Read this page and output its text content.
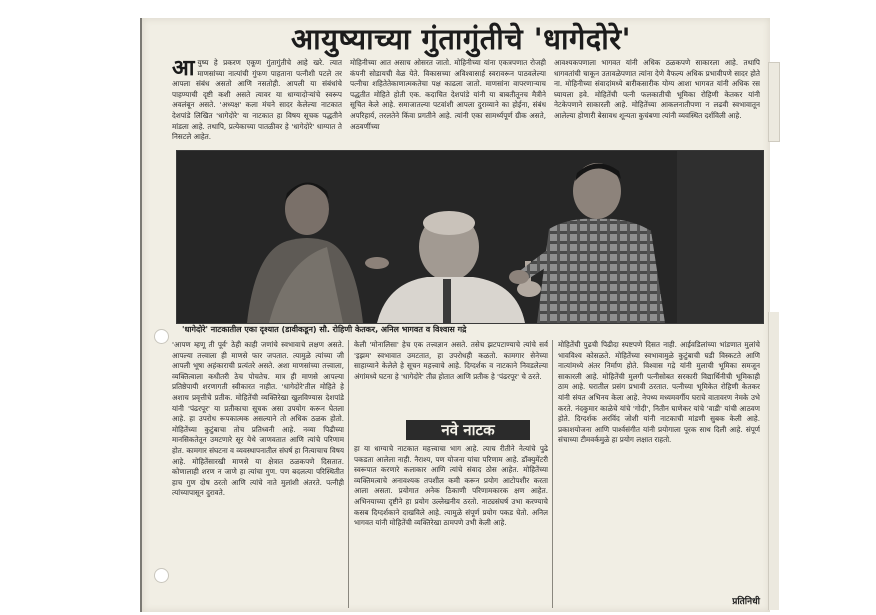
आयुष्याच्या गुंतागुंतीचे 'धागेदोरे'
आयुष्य हे प्रकरण एकूण गुंतागुंतीचे आहे खरे. त्यात माणसांच्या नात्यांची गुंफण पाहताना पत्नीशी पटले तर आपला संबंध असतो आणि नसतोही. आपली या संबंधांचे पाहण्याची दृष्टी कशी असते त्यावर या धाग्यादोऱ्यांचे स्वरूप अवलंबून असते. 'अध्यक्ष' कला मंचने सादर केलेल्या नाटकात देशपांडे लिखित 'धागेदोरे' या नाटकात हा विषय सूचक पद्धतीने मांडला आहे. तथापि, प्रत्येकाच्या पातळीवर हे 'धागेदोरे' धाग्यात ते निसटले आहेत.

मोहिनीच्या आत असाच ओसरत जातो. मोहिनीच्या यांना एकत्रपणात रोजही कंपनी सोडायची वेळ येते. विकासच्या अविश्वासार्ह स्वरावरून पाठवलेल्या पत्नीचा शहितेतेकाणात्मकतेचा पक्ष काढला जातो. माणसांना वापरणाऱ्याच पद्धतीत मोहिते होती एक. कदाचित देशपांडे यांनी या बाबतीतूनच मैत्रीने सूचित केले आहे. समाजातल्या पटवांशी आपला दुराव्याने का होईना, संबंध अपरिहार्य, तरलतेने किंवा प्रगतीने आहे. त्यांनी एका सामर्थ्यपूर्ण ग्रीक असते, अठवणींच्या

आवश्यकपणाला भागवत यांनी अधिक ठळकपणे साकारला आहे. तथापि धागवतांची चाकून उतावळेपणात त्यांना देणे वैफल्य अधिक प्रभावीपणे सादर होते ना. मोहिनीच्या संवादांमध्ये बारीकसारीक योग्य आशा भागवत यांनी अधिक रस घ्यायला हवे. मोहितेंची पत्नी फलकातीची भूमिका रोहिणी केतकर यांनी नेटकेपणाने साकारली आहे. मोहितेंच्या आकलनातीपणा न लढवी स्वभावातून आलेल्या होणारी बेसावध शून्यता कुचंबणा त्यांनी व्यवस्थित दर्शविली आहे.

'धागेदोरे' नाटकातील एका दृश्यात (डावीकडून) सौ. रोहिणी केतकर, अनिल भागवत व विश्वास गद्रे

'आपण म्हणू ती पूर्व' ठेही काही जणांचे स्वभावाचे लक्षण असते. आपल्या तत्त्वाला ही माणसे फार जपतात. त्यामुळे त्यांच्या जी आपली भूषा अहंकाराची प्रत्यंतरे असते. अशा माणसांच्या तत्त्वाला, व्यक्तित्वाला कधीतरी ठेच पोचतेच. मात्र ही माणसे आपल्या प्रतिष्ठेपायी शरणागती स्वीकारत नाहीत. 'धागेदोरे'तील मोहिते हे अशाच प्रवृत्तीचे प्रतीक. मोहितेंची व्यक्तिरेखा खुलविण्यास देशपांडे यांनी 'पंढरपूर' या प्रतीकाचा सूचक असा उपयोग करून घेतला आहे. हा उपरोध रूपकात्मक असल्याने तो अधिक ठळक होतो. मोहितेंच्या कुटुंबाचा तोच प्रतिध्वनी आहे. नव्या पिढीच्या मानसिकतेतून उमटणारे सूर येथे जाणवतात आणि त्यांचे परिणाम होत. कामगार संघटना व व्यवस्थापनातील संघर्ष हा नित्याचाच विषय आहे. मोहितेंसारखी माणसे या क्षेत्रात ठळकपणे दिसतात. कोणालाही शरण न जाणे हा त्यांचा गुण. पण बदलत्या परिस्थितीत हाच गुण दोष ठरतो आणि त्यांचे नाते मुलांशी अंतरते. पत्नीही त्यांच्यापासून दुरावते.

केली 'मोनालिसा' हेच एक तत्त्वज्ञान असते. तसेच झटपटाण्याचे त्यांचे सर्व 'इझम' स्वभावात उमटतात, हा उपरोधही कळतो. कामगार सेनेच्या साहाय्याने केलेले हे सूचन महत्त्वाचे आहे. दिग्दर्शक व नाटकाने निवडलेल्या अंगांमध्ये घटना हे 'धागेदोरे' तीव्र होतात आणि प्रतीक हे 'पंढरपूर' चे ठरते.

नवे नाटक

हा या धाग्याचे नाटकात महत्त्वाचा भाग आहे. त्याच रीतीने नेत्यांचे पुढे पकडता आलेला नाही. नैराश्य, पण योजना यांचा परिणाम आहे. डॉक्युमेंटरी स्वरूपात करणारे कलाकार आणि त्यांचे संवाद ठोस आहेत. मोहितेंच्या व्यक्तिमत्वाचे अनावश्यक तपशील कमी करून प्रयोग आटोपशीर करता आला असता. प्रयोगात अनेक ठिकाणी परिणामकारक क्षण आहेत. अभिनयाच्या दृष्टीने हा प्रयोग उल्लेखनीय ठरतो. नाट्यसंघर्ष उभा करण्याचे कसब दिग्दर्शकाने दाखविले आहे. त्यामुळे संपूर्ण प्रयोग पकड घेतो. अनिल भागवत यांनी मोहितेंची व्यक्तिरेखा ठामपणे उभी केली आहे.

मोहितेंची पुढची पिढीदा स्पष्टपणे दिसत नाही. आईवडिलांच्या भांडणात मुलांचे भावविश्व कोसळते. मोहितेंच्या स्वभावामुळे कुटुंबाची घडी विस्कटते आणि नात्यांमध्ये अंतर निर्माण होते. विश्वास गद्रे यांनी मुलाची भूमिका समजून साकारली आहे. मोहितेंची मुलगी पत्नीसोबत सरकारी विद्यार्थिनीची भूमिकाही ठाम आहे. घरातील प्रसंग प्रभावी ठरतात. पत्नीच्या भूमिकेत रोहिणी केतकर यांनी संयत अभिनय केला आहे. नेपथ्य मध्यमवर्गीय घराचे वातावरण नेमके उभे करते. नंदकुमार काळेचे यांचे 'गोदी', नितीन घाणेकर यांचे 'वाडी' यांची आठवण होते. दिग्दर्शक अरविंद जोशी यांनी नाटकाची मांडणी सुबक केली आहे. प्रकाशयोजना आणि पार्श्वसंगीत यांनी प्रयोगाला पूरक साथ दिली आहे. संपूर्ण संचाच्या टीमवर्कमुळे हा प्रयोग लक्षात राहतो.

प्रतिनिधी
